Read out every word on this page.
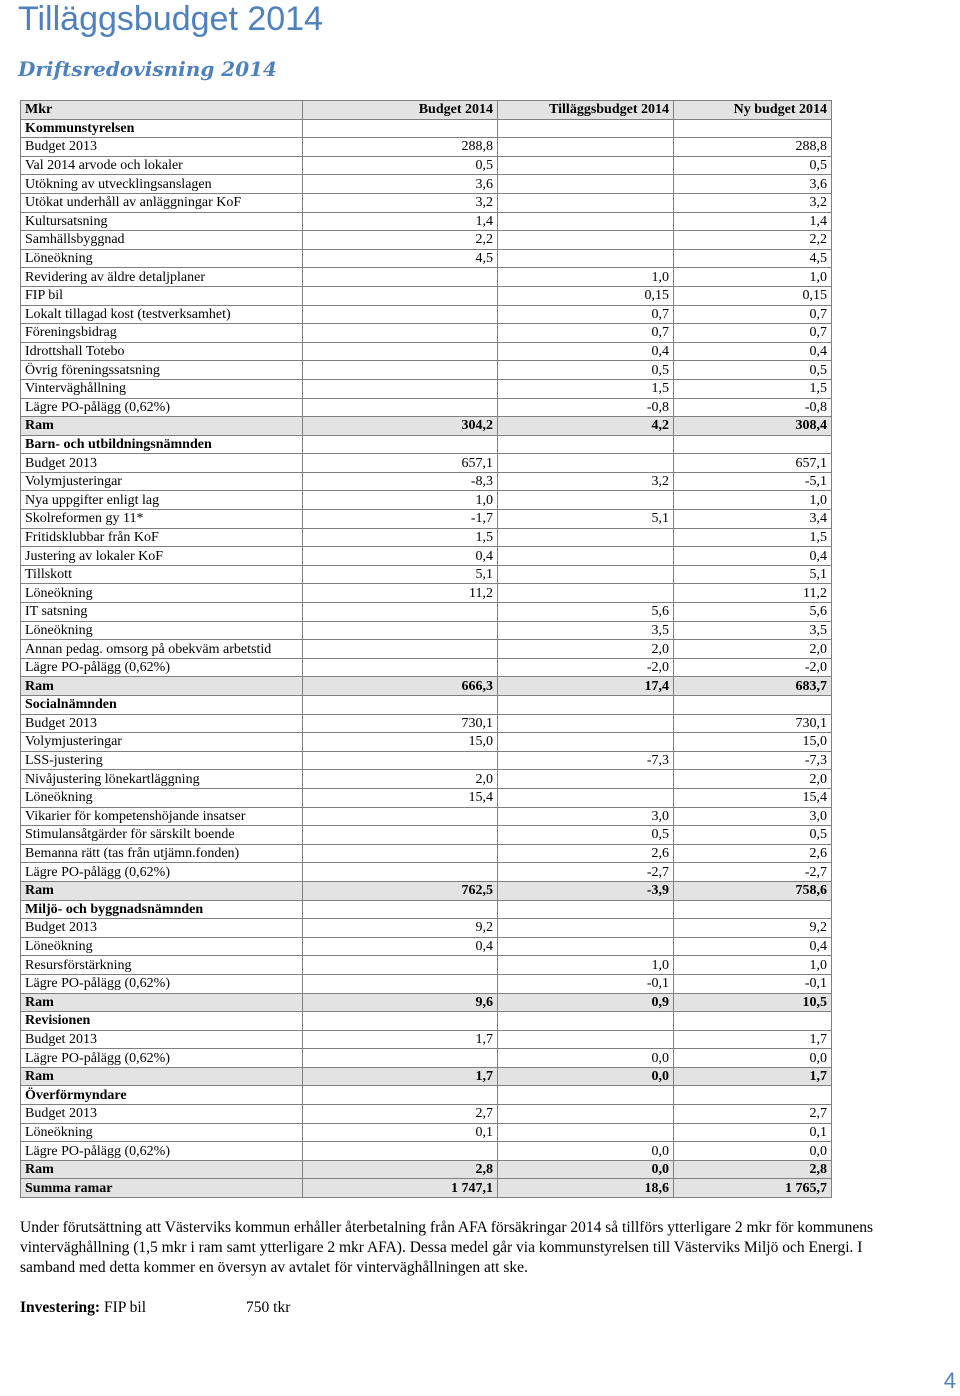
Tilläggsbudget 2014
Driftsredovisning 2014
Mkr	Budget 2014	Tilläggsbudget 2014	Ny budget 2014
Kommunstyrelsen			
Budget 2013	288,8		288,8
Val 2014 arvode och lokaler	0,5		0,5
Utökning av utvecklingsanslagen	3,6		3,6
Utökat underhåll av anläggningar KoF	3,2		3,2
Kultursatsning	1,4		1,4
Samhällsbyggnad	2,2		2,2
Löneökning	4,5		4,5
Revidering av äldre detaljplaner		1,0	1,0
FIP bil		0,15	0,15
Lokalt tillagad kost (testverksamhet)		0,7	0,7
Föreningsbidrag		0,7	0,7
Idrottshall Totebo		0,4	0,4
Övrig föreningssatsning		0,5	0,5
Vinterväghållning		1,5	1,5
Lägre PO-pålägg (0,62%)		-0,8	-0,8
Ram	304,2	4,2	308,4
Barn- och utbildningsnämnden			
Budget 2013	657,1		657,1
Volymjusteringar	-8,3	3,2	-5,1
Nya uppgifter enligt lag	1,0		1,0
Skolreformen gy 11*	-1,7	5,1	3,4
Fritidsklubbar från KoF	1,5		1,5
Justering av lokaler KoF	0,4		0,4
Tillskott	5,1		5,1
Löneökning	11,2		11,2
IT satsning		5,6	5,6
Löneökning		3,5	3,5
Annan pedag. omsorg på obekväm arbetstid		2,0	2,0
Lägre PO-pålägg (0,62%)		-2,0	-2,0
Ram	666,3	17,4	683,7
Socialnämnden			
Budget 2013	730,1		730,1
Volymjusteringar	15,0		15,0
LSS-justering		-7,3	-7,3
Nivåjustering lönekartläggning	2,0		2,0
Löneökning	15,4		15,4
Vikarier för kompetenshöjande insatser		3,0	3,0
Stimulansåtgärder för särskilt boende		0,5	0,5
Bemanna rätt (tas från utjämn.fonden)		2,6	2,6
Lägre PO-pålägg (0,62%)		-2,7	-2,7
Ram	762,5	-3,9	758,6
Miljö- och byggnadsnämnden			
Budget 2013	9,2		9,2
Löneökning	0,4		0,4
Resursförstärkning		1,0	1,0
Lägre PO-pålägg (0,62%)		-0,1	-0,1
Ram	9,6	0,9	10,5
Revisionen			
Budget 2013	1,7		1,7
Lägre PO-pålägg (0,62%)		0,0	0,0
Ram	1,7	0,0	1,7
Överförmyndare			
Budget 2013	2,7		2,7
Löneökning	0,1		0,1
Lägre PO-pålägg (0,62%)		0,0	0,0
Ram	2,8	0,0	2,8
Summa ramar	1 747,1	18,6	1 765,7

Under förutsättning att Västerviks kommun erhåller återbetalning från AFA försäkringar 2014 så tillförs ytterligare 2 mkr för kommunens vinterväghållning (1,5 mkr i ram samt ytterligare 2 mkr AFA). Dessa medel går via kommunstyrelsen till Västerviks Miljö och Energi. I samband med detta kommer en översyn av avtalet för vinterväghållningen att ske.

Investering: FIP bil	750 tkr

4
